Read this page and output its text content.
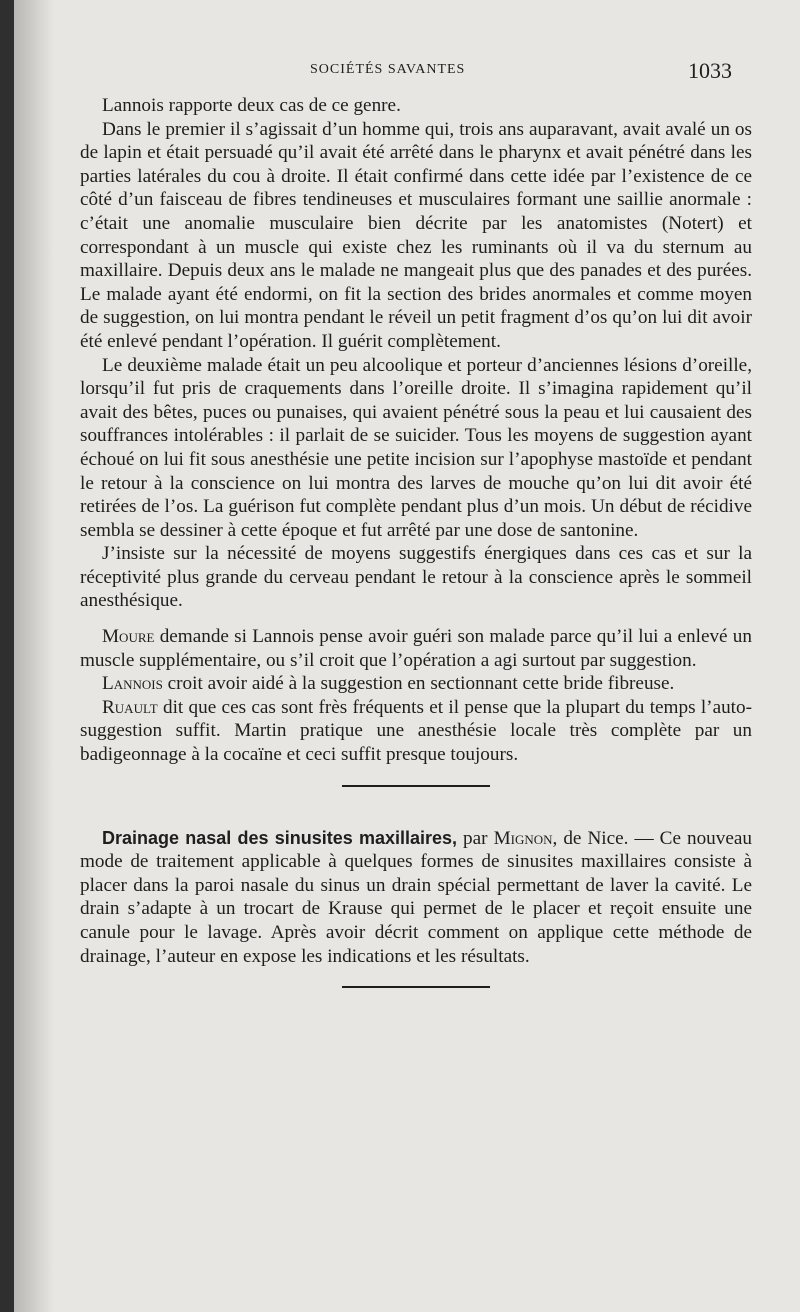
SOCIÉTÉS SAVANTES	1033

Lannois rapporte deux cas de ce genre.

Dans le premier il s’agissait d’un homme qui, trois ans auparavant, avait avalé un os de lapin et était persuadé qu’il avait été arrêté dans le pharynx et avait pénétré dans les parties latérales du cou à droite. Il était confirmé dans cette idée par l’existence de ce côté d’un faisceau de fibres tendineuses et musculaires formant une saillie anormale : c’était une anomalie musculaire bien décrite par les anatomistes (Notert) et correspondant à un muscle qui existe chez les ruminants où il va du sternum au maxillaire. Depuis deux ans le malade ne mangeait plus que des panades et des purées. Le malade ayant été endormi, on fit la section des brides anormales et comme moyen de suggestion, on lui montra pendant le réveil un petit fragment d’os qu’on lui dit avoir été enlevé pendant l’opération. Il guérit complètement.

Le deuxième malade était un peu alcoolique et porteur d’anciennes lésions d’oreille, lorsqu’il fut pris de craquements dans l’oreille droite. Il s’imagina rapidement qu’il avait des bêtes, puces ou punaises, qui avaient pénétré sous la peau et lui causaient des souffrances intolérables : il parlait de se suicider. Tous les moyens de suggestion ayant échoué on lui fit sous anesthésie une petite incision sur l’apophyse mastoïde et pendant le retour à la conscience on lui montra des larves de mouche qu’on lui dit avoir été retirées de l’os. La guérison fut complète pendant plus d’un mois. Un début de récidive sembla se dessiner à cette époque et fut arrêté par une dose de santonine.

J’insiste sur la nécessité de moyens suggestifs énergiques dans ces cas et sur la réceptivité plus grande du cerveau pendant le retour à la conscience après le sommeil anesthésique.

Moure demande si Lannois pense avoir guéri son malade parce qu’il lui a enlevé un muscle supplémentaire, ou s’il croit que l’opération a agi surtout par suggestion.

Lannois croit avoir aidé à la suggestion en sectionnant cette bride fibreuse.

Ruault dit que ces cas sont frès fréquents et il pense que la plupart du temps l’auto-suggestion suffit. Martin pratique une anesthésie locale très complète par un badigeonnage à la cocaïne et ceci suffit presque toujours.

Drainage nasal des sinusites maxillaires, par Mignon, de Nice. — Ce nouveau mode de traitement applicable à quelques formes de sinusites maxillaires consiste à placer dans la paroi nasale du sinus un drain spécial permettant de laver la cavité. Le drain s’adapte à un trocart de Krause qui permet de le placer et reçoit ensuite une canule pour le lavage. Après avoir décrit comment on applique cette méthode de drainage, l’auteur en expose les indications et les résultats.
